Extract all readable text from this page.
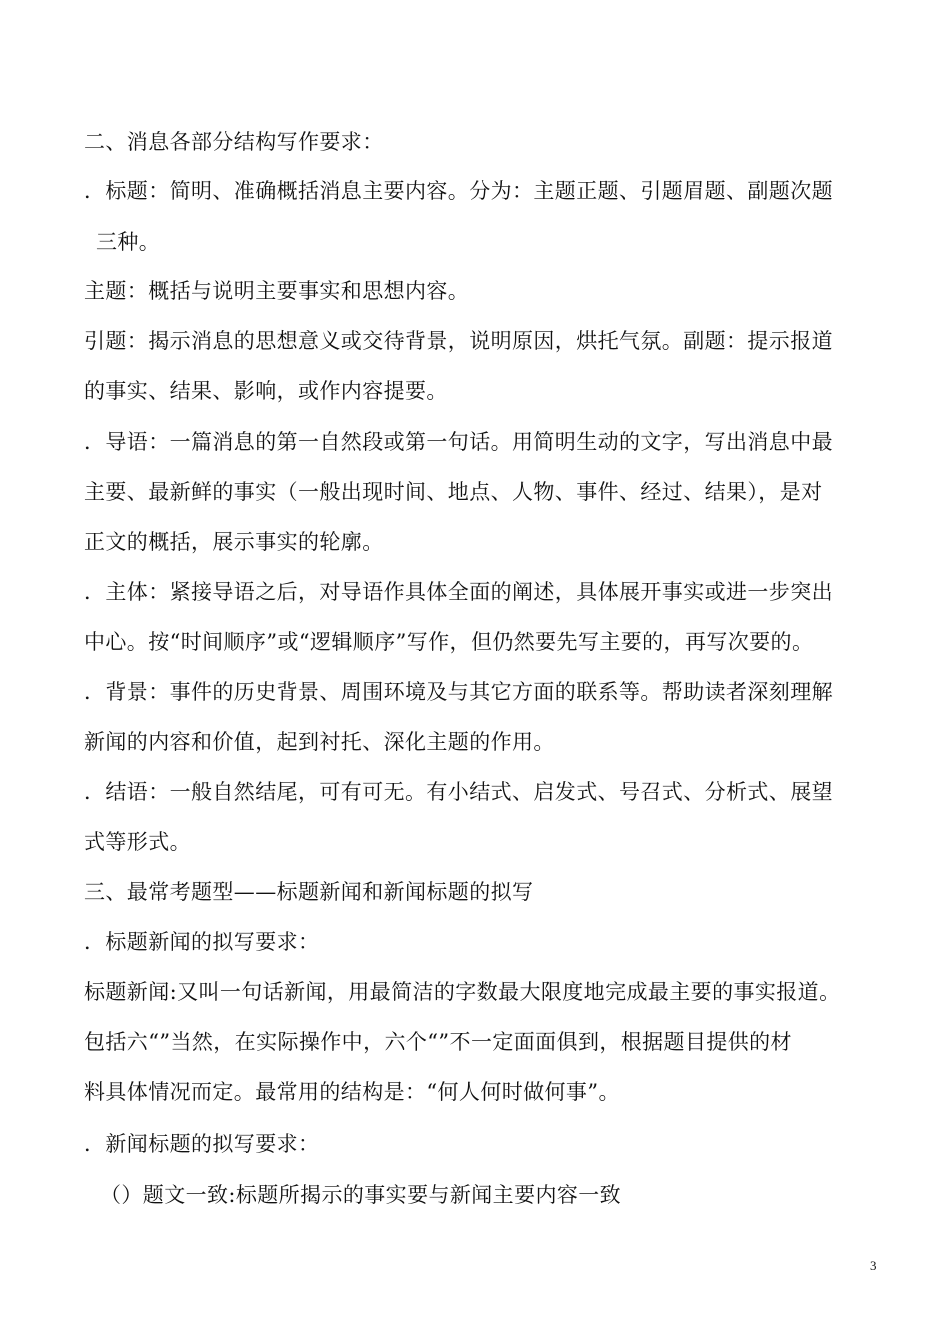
二、消息各部分结构写作要求：
．标题：简明、准确概括消息主要内容。分为：主题正题、引题眉题、副题次题
三种。
主题：概括与说明主要事实和思想内容。
引题：揭示消息的思想意义或交待背景，说明原因，烘托气氛。副题：提示报道
的事实、结果、影响，或作内容提要。
．导语：一篇消息的第一自然段或第一句话。用简明生动的文字，写出消息中最
主要、最新鲜的事实（一般出现时间、地点、人物、事件、经过、结果），是对
正文的概括，展示事实的轮廓。
．主体：紧接导语之后，对导语作具体全面的阐述，具体展开事实或进一步突出
中心。按“时间顺序”或“逻辑顺序”写作，但仍然要先写主要的，再写次要的。
．背景：事件的历史背景、周围环境及与其它方面的联系等。帮助读者深刻理解
新闻的内容和价值，起到衬托、深化主题的作用。
．结语：一般自然结尾，可有可无。有小结式、启发式、号召式、分析式、展望
式等形式。
三、最常考题型——标题新闻和新闻标题的拟写
．标题新闻的拟写要求：
标题新闻:又叫一句话新闻，用最简洁的字数最大限度地完成最主要的事实报道。
包括六“”当然，在实际操作中，六个“”不一定面面俱到，根据题目提供的材
料具体情况而定。最常用的结构是：“何人何时做何事”。
．新闻标题的拟写要求：
（）题文一致:标题所揭示的事实要与新闻主要内容一致
3
